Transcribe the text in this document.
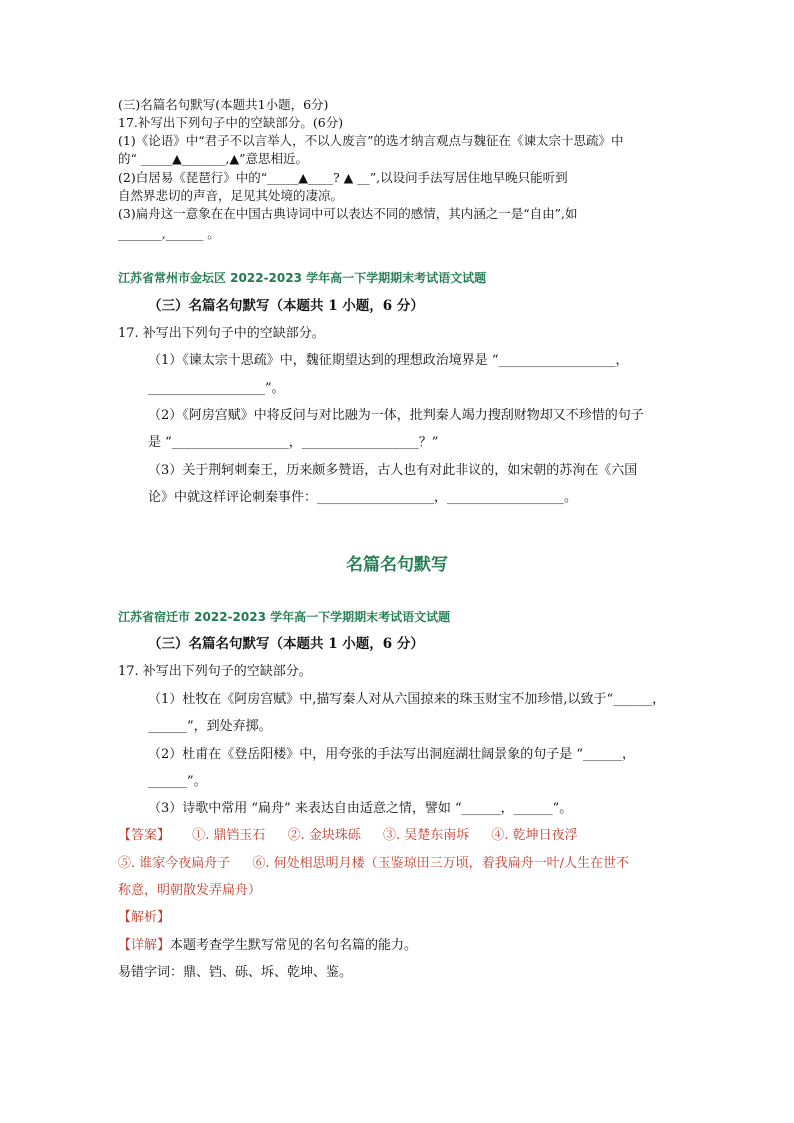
(三)名篇名句默写(本题共1小题，6分)
17.补写出下列句子中的空缺部分。(6分)
(1)《论语》中“君子不以言举人，不以人废言”的选才纳言观点与魏征在《谏太宗十思疏》中
的“ _____▲_______,▲”意思相近。
(2)白居易《琵琶行》中的“_____▲____? ▲ __”,以设问手法写居住地早晚只能听到
自然界悲切的声音，足见其处境的凄凉。
(3)扁舟这一意象在在中国古典诗词中可以表达不同的感情，其内涵之一是“自由”,如
_______,______ 。
江苏省常州市金坛区 2022-2023 学年高一下学期期末考试语文试题
（三）名篇名句默写（本题共 1 小题，6 分）
17. 补写出下列句子中的空缺部分。
（1）《谏太宗十思疏》中，魏征期望达到的理想政治境界是 “__________________，
__________________”。
（2）《阿房宫赋》中将反问与对比融为一体，批判秦人竭力搜刮财物却又不珍惜的句子
是 “__________________，__________________？”
（3）关于荆轲刺秦王，历来颇多赞语，古人也有对此非议的，如宋朝的苏洵在《六国
论》中就这样评论刺秦事件：__________________，__________________。
名篇名句默写
江苏省宿迁市 2022-2023 学年高一下学期期末考试语文试题
（三）名篇名句默写（本题共 1 小题，6 分）
17. 补写出下列句子的空缺部分。
（1）杜牧在《阿房宫赋》中,描写秦人对从六国掠来的珠玉财宝不加珍惜,以致于“______，
______”，到处弃掷。
（2）杜甫在《登岳阳楼》中，用夸张的手法写出洞庭湖壮阔景象的句子是 “______，
______”。
（3）诗歌中常用 “扁舟” 来表达自由适意之情，譬如 “______，______”。
【答案】 ①. 鼎铛玉石 ②. 金块珠砾 ③. 吴楚东南坼 ④. 乾坤日夜浮
⑤. 谁家今夜扁舟子 ⑥. 何处相思明月楼（玉鉴琼田三万顷，着我扁舟一叶/人生在世不
称意，明朝散发弄扁舟）
【解析】
【详解】本题考查学生默写常见的名句名篇的能力。
易错字词：鼎、铛、砾、坼、乾坤、鉴。
